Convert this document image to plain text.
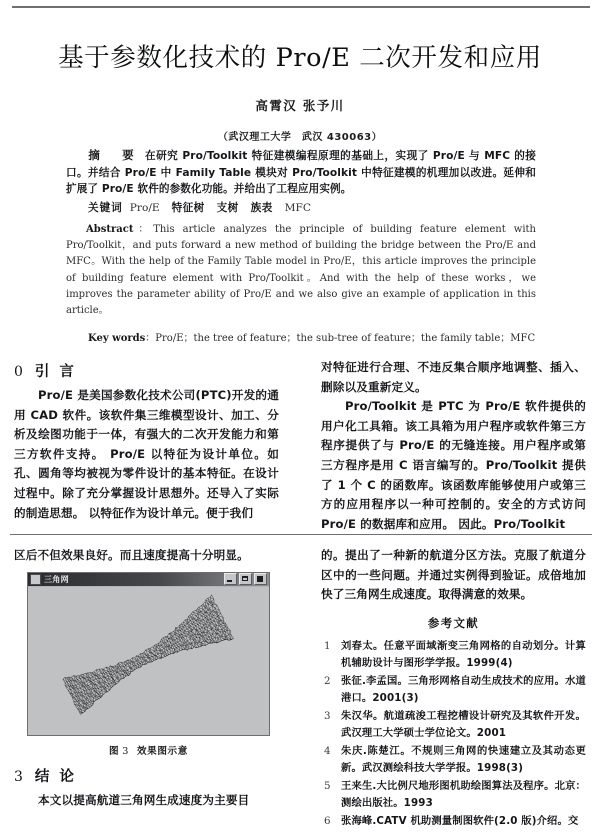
基于参数化技术的 Pro/E 二次开发和应用
高霄汉 张予川
（武汉理工大学　武汉 430063）
摘　要 在研究 Pro/Toolkit 特征建模编程原理的基础上，实现了 Pro/E 与 MFC 的接口。并结合 Pro/E 中 Family Table 模块对 Pro/Toolkit 中特征建模的机理加以改进。延伸和扩展了 Pro/E 软件的参数化功能。并给出了工程应用实例。
关键词 Pro/E 特征树 支树 族表 MFC
Abstract：This article analyzes the principle of building feature element with Pro/Toolkit，and puts forward a new method of building the bridge between the Pro/E and MFC。With the help of the Family Table model in Pro/E，this article improves the principle of building feature element with Pro/Toolkit。And with the help of these works，we improves the parameter ability of Pro/E and we also give an example of application in this article。
Key words：Pro/E；the tree of feature；the sub-tree of feature；the family table；MFC
0 引 言

Pro/E 是美国参数化技术公司(PTC)开发的通用 CAD 软件。该软件集三维模型设计、加工、分析及绘图功能于一体，有强大的二次开发能力和第三方软件支持。 Pro/E 以特征为设计单位。如孔、圆角等均被视为零件设计的基本特征。在设计过程中。除了充分掌握设计思想外。还导入了实际的制造思想。 以特征作为设计单元。便于我们

对特征进行合理、不违反集合顺序地调整、插入、删除以及重新定义。

Pro/Toolkit 是 PTC 为 Pro/E 软件提供的用户化工具箱。该工具箱为用户程序或软件第三方程序提供了与 Pro/E 的无缝连接。用户程序或第三方程序是用 C 语言编写的。Pro/Toolkit 提供了 1 个 C 的函数库。该函数库能够使用户或第三方的应用程序以一种可控制的。安全的方式访问 Pro/E 的数据库和应用。 因此。Pro/Toolkit

区后不但效果良好。而且速度提高十分明显。

三角网
图 3 效果图示意
3 结 论

本文以提高航道三角网生成速度为主要目

的。提出了一种新的航道分区方法。克服了航道分区中的一些问题。并通过实例得到验证。成倍地加快了三角网生成速度。取得满意的效果。

参考文献
1 刘春太。任意平面域渐变三角网格的自动划分。计算机辅助设计与图形学学报。1999(4)
2 张征.李孟国。三角形网格自动生成技术的应用。水道港口。2001(3)
3 朱汉华。航道疏浚工程挖槽设计研究及其软件开发。武汉理工大学硕士学位论文。2001
4 朱庆.陈楚江。不规则三角网的快速建立及其动态更新。武汉测绘科技大学学报。1998(3)
5 王来生.大比例尺地形图机助绘图算法及程序。北京：测绘出版社。1993
6 张海峰.CATV 机助测量制图软件(2.0 版)介绍。交
